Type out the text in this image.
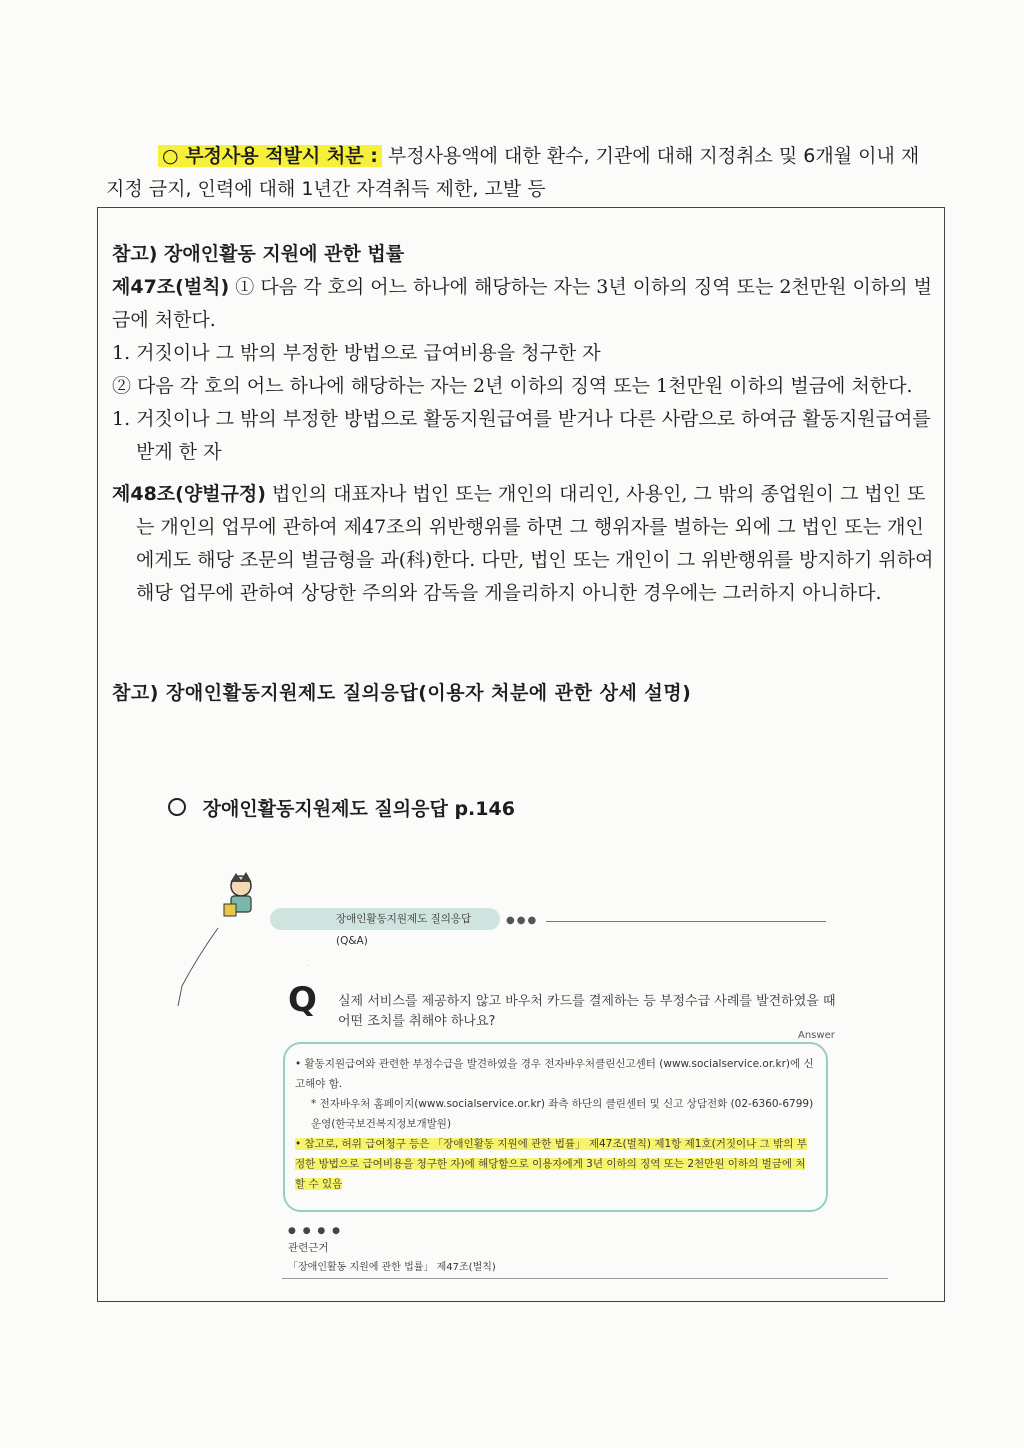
○ 부정사용 적발시 처분 : 부정사용액에 대한 환수, 기관에 대해 지정취소 및 6개월 이내 재지정 금지, 인력에 대해 1년간 자격취득 제한, 고발 등

참고) 장애인활동 지원에 관한 법률

제47조(벌칙) ① 다음 각 호의 어느 하나에 해당하는 자는 3년 이하의 징역 또는 2천만원 이하의 벌금에 처한다.

1. 거짓이나 그 밖의 부정한 방법으로 급여비용을 청구한 자

② 다음 각 호의 어느 하나에 해당하는 자는 2년 이하의 징역 또는 1천만원 이하의 벌금에 처한다.

1. 거짓이나 그 밖의 부정한 방법으로 활동지원급여를 받거나 다른 사람으로 하여금 활동지원급여를 받게 한 자

제48조(양벌규정) 법인의 대표자나 법인 또는 개인의 대리인, 사용인, 그 밖의 종업원이 그 법인 또는 개인의 업무에 관하여 제47조의 위반행위를 하면 그 행위자를 벌하는 외에 그 법인 또는 개인에게도 해당 조문의 벌금형을 과(科)한다. 다만, 법인 또는 개인이 그 위반행위를 방지하기 위하여 해당 업무에 관하여 상당한 주의와 감독을 게을리하지 아니한 경우에는 그러하지 아니하다.

참고) 장애인활동지원제도 질의응답(이용자 처분에 관한 상세 설명)
장애인활동지원제도 질의응답 p.146
장애인활동지원제도 질의응답(Q&A)
●●●
Q 실제 서비스를 제공하지 않고 바우처 카드를 결제하는 등 부정수급 사례를 발견하였을 때 어떤 조치를 취해야 하나요?
Answer

• 활동지원급여와 관련한 부정수급을 발견하였을 경우 전자바우처클린신고센터 (www.socialservice.or.kr)에 신고해야 함.

* 전자바우처 홈페이지(www.socialservice.or.kr) 좌측 하단의 클린센터 및 신고 상담전화 (02-6360-6799) 운영(한국보건복지정보개발원)

• 참고로, 허위 급여청구 등은 「장애인활동 지원에 관한 법률」 제47조(벌칙) 제1항 제1호(거짓이나 그 밖의 부정한 방법으로 급여비용을 청구한 자)에 해당함으로 이용자에게 3년 이하의 징역 또는 2천만원 이하의 벌금에 처할 수 있음

● ● ● ●
관련근거
「장애인활동 지원에 관한 법률」 제47조(벌칙)
